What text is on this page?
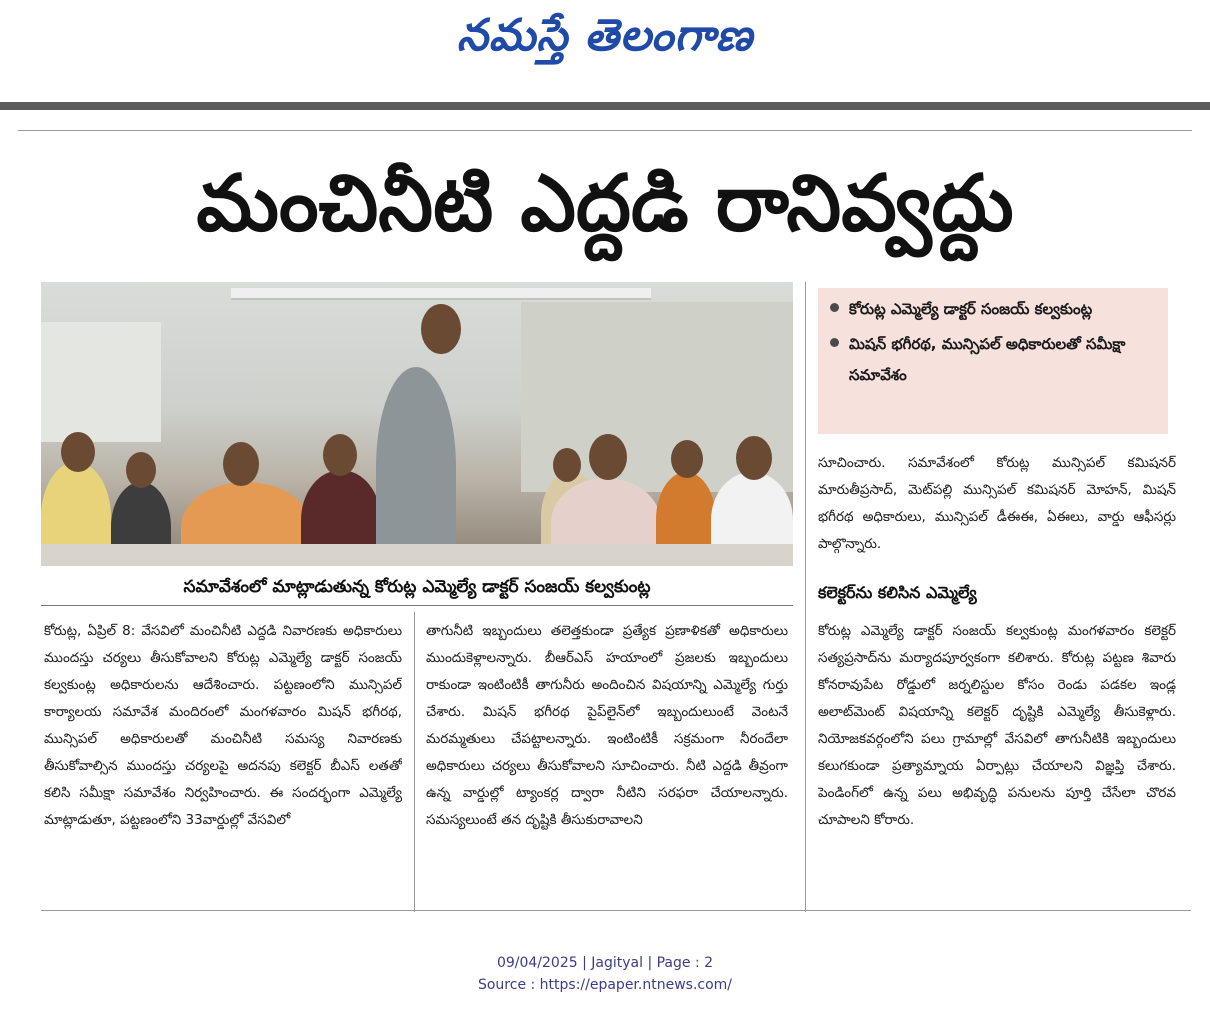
నమస్తే తెలంగాణ
మంచినీటి ఎద్దడి రానివ్వద్దు
సమావేశంలో మాట్లాడుతున్న కోరుట్ల ఎమ్మెల్యే డాక్టర్ సంజయ్ కల్వకుంట్ల
కోరుట్ల ఎమ్మెల్యే డాక్టర్ సంజయ్ కల్వకుంట్ల
మిషన్ భగీరథ, మున్సిపల్ అధికారులతో సమీక్షా సమావేశం

కోరుట్ల, ఏప్రిల్ 8: వేసవిలో మంచినీటి ఎద్దడి నివారణకు అధికారులు ముందస్తు చర్యలు తీసుకోవాలని కోరుట్ల ఎమ్మెల్యే డాక్టర్ సంజయ్ కల్వకుంట్ల అధికారులను ఆదేశించారు. పట్టణంలోని మున్సిపల్ కార్యాలయ సమావేశ మందిరంలో మంగళవారం మిషన్ భగీరథ, మున్సిపల్ అధికారులతో మంచినీటి సమస్య నివారణకు తీసుకోవాల్సిన ముందస్తు చర్యలపై అదనపు కలెక్టర్ బీఎస్ లతతో కలిసి సమీక్షా సమావేశం నిర్వహించారు. ఈ సందర్భంగా ఎమ్మెల్యే మాట్లాడుతూ, పట్టణంలోని 33వార్డుల్లో వేసవిలో

తాగునీటి ఇబ్బందులు తలెత్తకుండా ప్రత్యేక ప్రణాళికతో అధికారులు ముందుకెళ్లాలన్నారు. బీఆర్ఎస్ హయాంలో ప్రజలకు ఇబ్బందులు రాకుండా ఇంటింటికీ తాగునీరు అందించిన విషయాన్ని ఎమ్మెల్యే గుర్తు చేశారు. మిషన్ భగీరథ పైప్‌లైన్‌లో ఇబ్బందులుంటే వెంటనే మరమ్మతులు చేపట్టాలన్నారు. ఇంటింటికీ సక్రమంగా నీరందేలా అధికారులు చర్యలు తీసుకోవాలని సూచించారు. నీటి ఎద్దడి తీవ్రంగా ఉన్న వార్డుల్లో ట్యాంకర్ల ద్వారా నీటిని సరఫరా చేయాలన్నారు. సమస్యలుంటే తన దృష్టికి తీసుకురావాలని

సూచించారు. సమావేశంలో కోరుట్ల మున్సిపల్ కమిషనర్ మారుతీప్రసాద్, మెట్‌పల్లి మున్సిపల్ కమిషనర్ మోహన్, మిషన్ భగీరథ అధికారులు, మున్సిపల్ డీఈఈ, ఏఈలు, వార్డు ఆఫీసర్లు పాల్గొన్నారు.

కలెక్టర్‌ను కలిసిన ఎమ్మెల్యే

కోరుట్ల ఎమ్మెల్యే డాక్టర్ సంజయ్ కల్వకుంట్ల మంగళవారం కలెక్టర్ సత్యప్రసాద్‌ను మర్యాదపూర్వకంగా కలిశారు. కోరుట్ల పట్టణ శివారు కోనరావుపేట రోడ్డులో జర్నలిస్టుల కోసం రెండు పడకల ఇండ్ల అలాట్‌మెంట్ విషయాన్ని కలెక్టర్ దృష్టికి ఎమ్మెల్యే తీసుకెళ్లారు. నియోజకవర్గంలోని పలు గ్రామాల్లో వేసవిలో తాగునీటికి ఇబ్బందులు కలుగకుండా ప్రత్యామ్నాయ ఏర్పాట్లు చేయాలని విజ్ఞప్తి చేశారు. పెండింగ్‌లో ఉన్న పలు అభివృద్ధి పనులను పూర్తి చేసేలా చొరవ చూపాలని కోరారు.

09/04/2025 | Jagityal | Page : 2
Source : https://epaper.ntnews.com/
